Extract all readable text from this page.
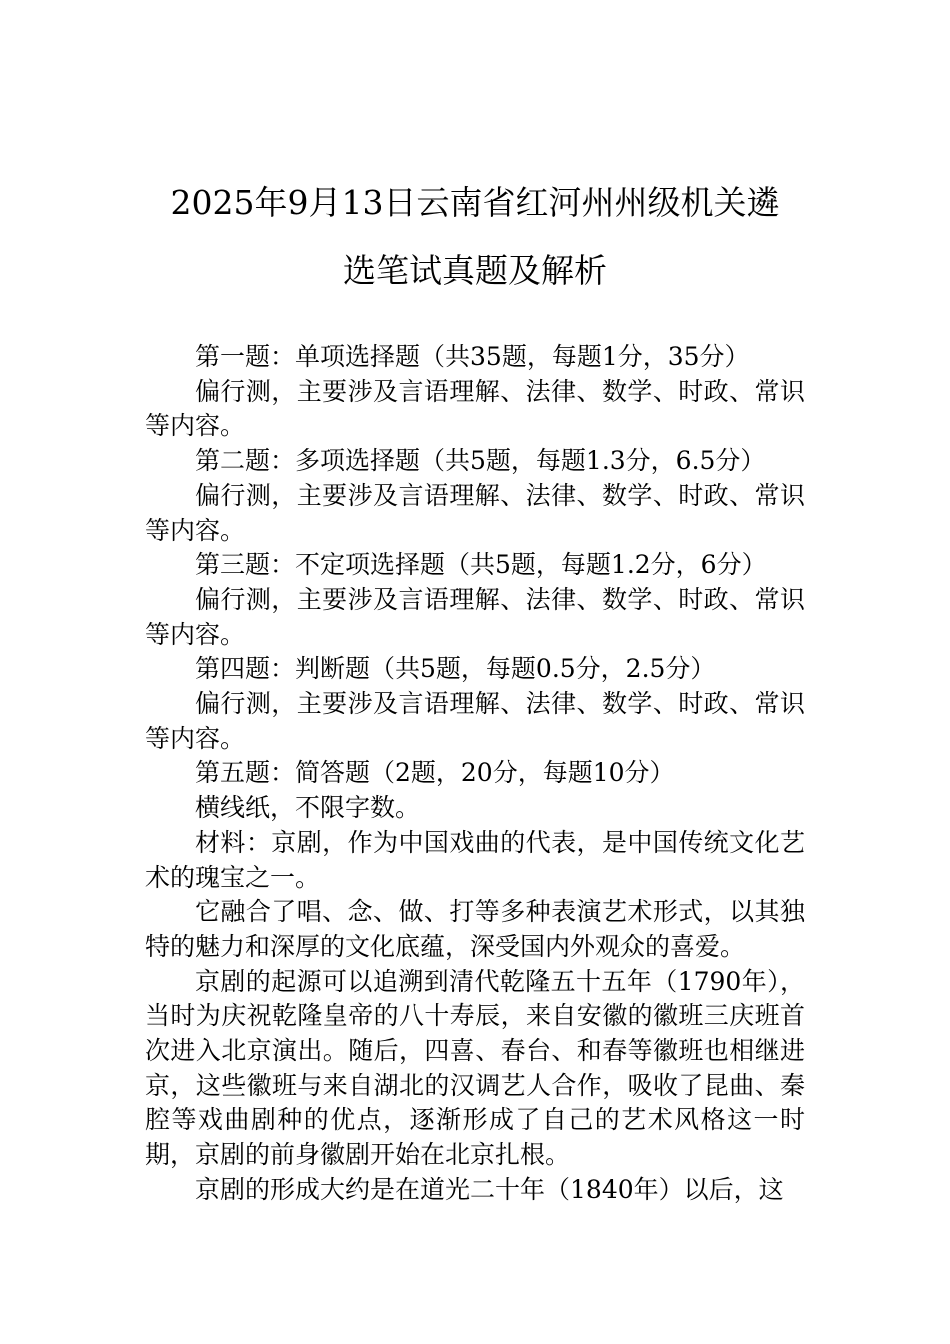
2025年9月13日云南省红河州州级机关遴
选笔试真题及解析

第一题：单项选择题（共35题，每题1分，35分）

偏行测，主要涉及言语理解、法律、数学、时政、常识等内容。

第二题：多项选择题（共5题，每题1.3分，6.5分）

偏行测，主要涉及言语理解、法律、数学、时政、常识等内容。

第三题：不定项选择题（共5题，每题1.2分，6分）

偏行测，主要涉及言语理解、法律、数学、时政、常识等内容。

第四题：判断题（共5题，每题0.5分，2.5分）

偏行测，主要涉及言语理解、法律、数学、时政、常识等内容。

第五题：简答题（2题，20分，每题10分）

横线纸，不限字数。

材料：京剧，作为中国戏曲的代表，是中国传统文化艺术的瑰宝之一。

它融合了唱、念、做、打等多种表演艺术形式，以其独特的魅力和深厚的文化底蕴，深受国内外观众的喜爱。

京剧的起源可以追溯到清代乾隆五十五年（1790年），当时为庆祝乾隆皇帝的八十寿辰，来自安徽的徽班三庆班首次进入北京演出。随后，四喜、春台、和春等徽班也相继进京，这些徽班与来自湖北的汉调艺人合作，吸收了昆曲、秦腔等戏曲剧种的优点，逐渐形成了自己的艺术风格这一时期，京剧的前身徽剧开始在北京扎根。

京剧的形成大约是在道光二十年（1840年）以后，这
